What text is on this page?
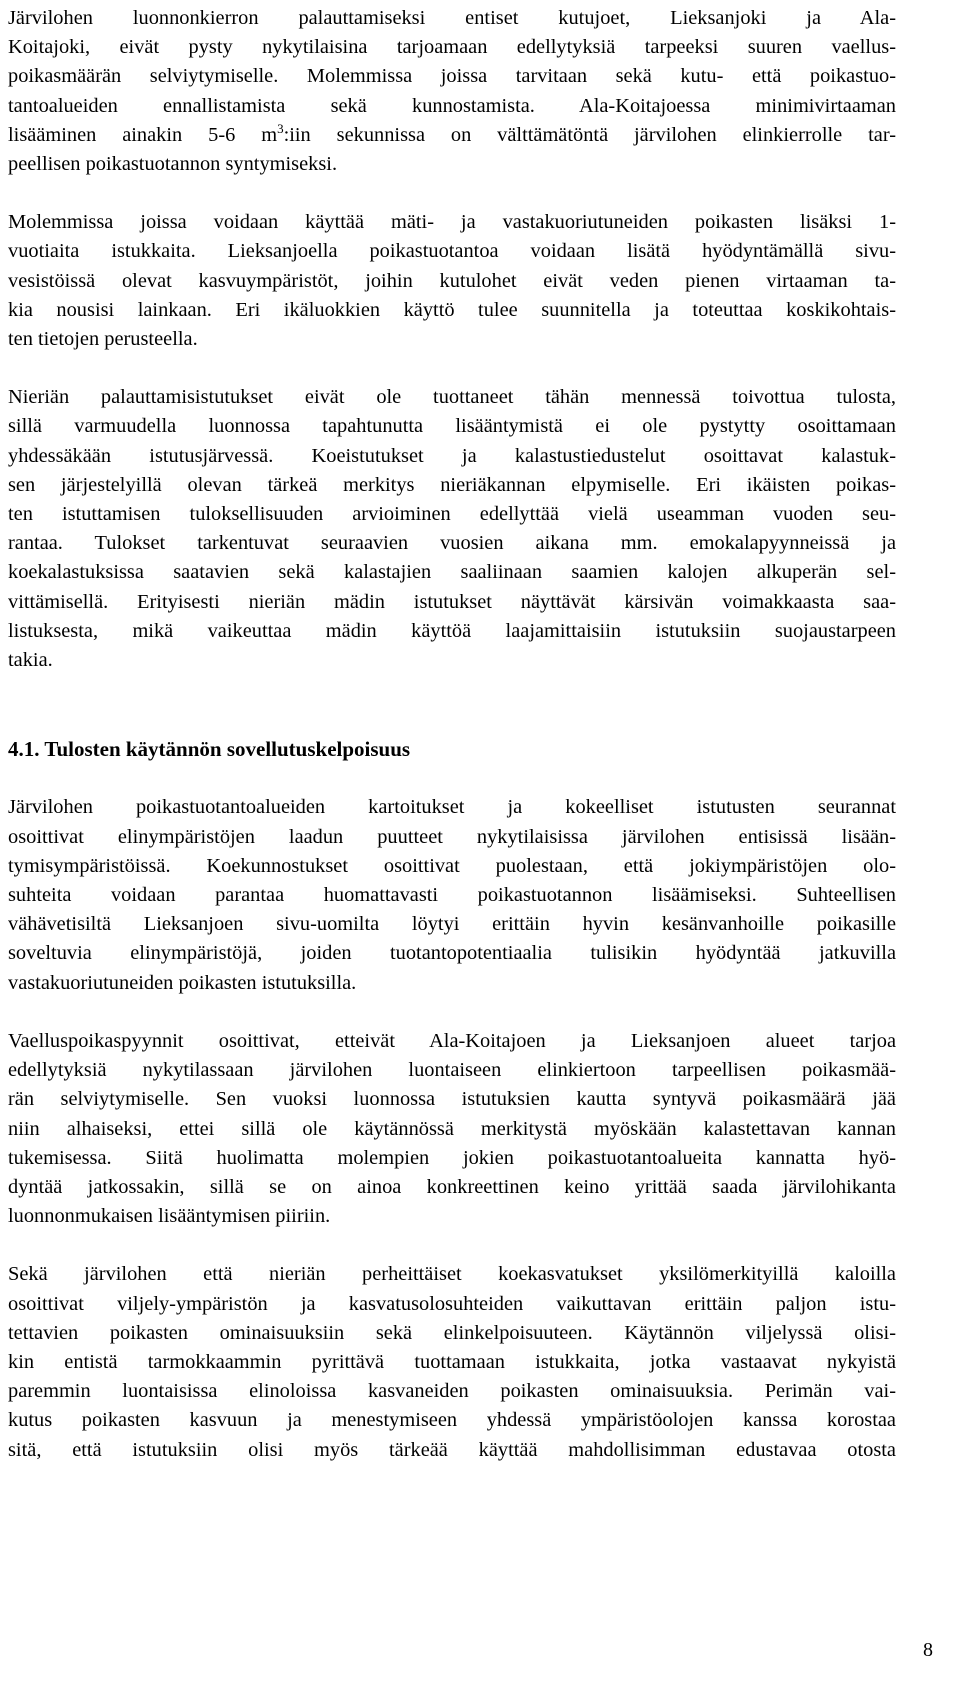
Järvilohen luonnonkierron palauttamiseksi entiset kutujoet, Lieksanjoki ja Ala-
Koitajoki, eivät pysty nykytilaisina tarjoamaan edellytyksiä tarpeeksi suuren vaellus-
poikasmäärän selviytymiselle. Molemmissa joissa tarvitaan sekä kutu- että poikastuo-
tantoalueiden ennallistamista sekä kunnostamista. Ala-Koitajoessa minimivirtaaman
lisääminen ainakin 5-6 $m^3:iin$ sekunnissa on välttämätöntä järvilohen elinkierrolle tar-
peellisen poikastuotannon syntymiseksi.

Molemmissa joissa voidaan käyttää mäti- ja vastakuoriutuneiden poikasten lisäksi 1-
vuotiaita istukkaita. Lieksanjoella poikastuotantoa voidaan lisätä hyödyntämällä sivu-
vesistöissä olevat kasvuympäristöt, joihin kutulohet eivät veden pienen virtaaman ta-
kia nousisi lainkaan. Eri ikäluokkien käyttö tulee suunnitella ja toteuttaa koskikohtais-
ten tietojen perusteella.

Nieriän palauttamisistutukset eivät ole tuottaneet tähän mennessä toivottua tulosta,
sillä varmuudella luonnossa tapahtunutta lisääntymistä ei ole pystytty osoittamaan
yhdessäkään istutusjärvessä. Koeistutukset ja kalastustiedustelut osoittavat kalastuk-
sen järjestelyillä olevan tärkeä merkitys nieriäkannan elpymiselle. Eri ikäisten poikas-
ten istuttamisen tuloksellisuuden arvioiminen edellyttää vielä useamman vuoden seu-
rantaa. Tulokset tarkentuvat seuraavien vuosien aikana mm. emokalapyynneissä ja
koekalastuksissa saatavien sekä kalastajien saaliinaan saamien kalojen alkuperän sel-
vittämisellä. Erityisesti nieriän mädin istutukset näyttävät kärsivän voimakkaasta saa-
listuksesta, mikä vaikeuttaa mädin käyttöä laajamittaisiin istutuksiin suojaustarpeen
takia.

4.1. Tulosten käytännön sovellutuskelpoisuus

Järvilohen poikastuotantoalueiden kartoitukset ja kokeelliset istutusten seurannat
osoittivat elinympäristöjen laadun puutteet nykytilaisissa järvilohen entisissä lisään-
tymisympäristöissä. Koekunnostukset osoittivat puolestaan, että jokiympäristöjen olo-
suhteita voidaan parantaa huomattavasti poikastuotannon lisäämiseksi. Suhteellisen
vähävetisiltä Lieksanjoen sivu-uomilta löytyi erittäin hyvin kesänvanhoille poikasille
soveltuvia elinympäristöjä, joiden tuotantopotentiaalia tulisikin hyödyntää jatkuvilla
vastakuoriutuneiden poikasten istutuksilla.

Vaelluspoikaspyynnit osoittivat, etteivät Ala-Koitajoen ja Lieksanjoen alueet tarjoa
edellytyksiä nykytilassaan järvilohen luontaiseen elinkiertoon tarpeellisen poikasmää-
rän selviytymiselle. Sen vuoksi luonnossa istutuksien kautta syntyvä poikasmäärä jää
niin alhaiseksi, ettei sillä ole käytännössä merkitystä myöskään kalastettavan kannan
tukemisessa. Siitä huolimatta molempien jokien poikastuotantoalueita kannatta hyö-
dyntää jatkossakin, sillä se on ainoa konkreettinen keino yrittää saada järvilohikanta
luonnonmukaisen lisääntymisen piiriin.

Sekä järvilohen että nieriän perheittäiset koekasvatukset yksilömerkityillä kaloilla
osoittivat viljely-ympäristön ja kasvatusolosuhteiden vaikuttavan erittäin paljon istu-
tettavien poikasten ominaisuuksiin sekä elinkelpoisuuteen. Käytännön viljelyssä olisi-
kin entistä tarmokkaammin pyrittävä tuottamaan istukkaita, jotka vastaavat nykyistä
paremmin luontaisissa elinoloissa kasvaneiden poikasten ominaisuuksia. Perimän vai-
kutus poikasten kasvuun ja menestymiseen yhdessä ympäristöolojen kanssa korostaa
sitä, että istutuksiin olisi myös tärkeää käyttää mahdollisimman edustavaa otosta

8
